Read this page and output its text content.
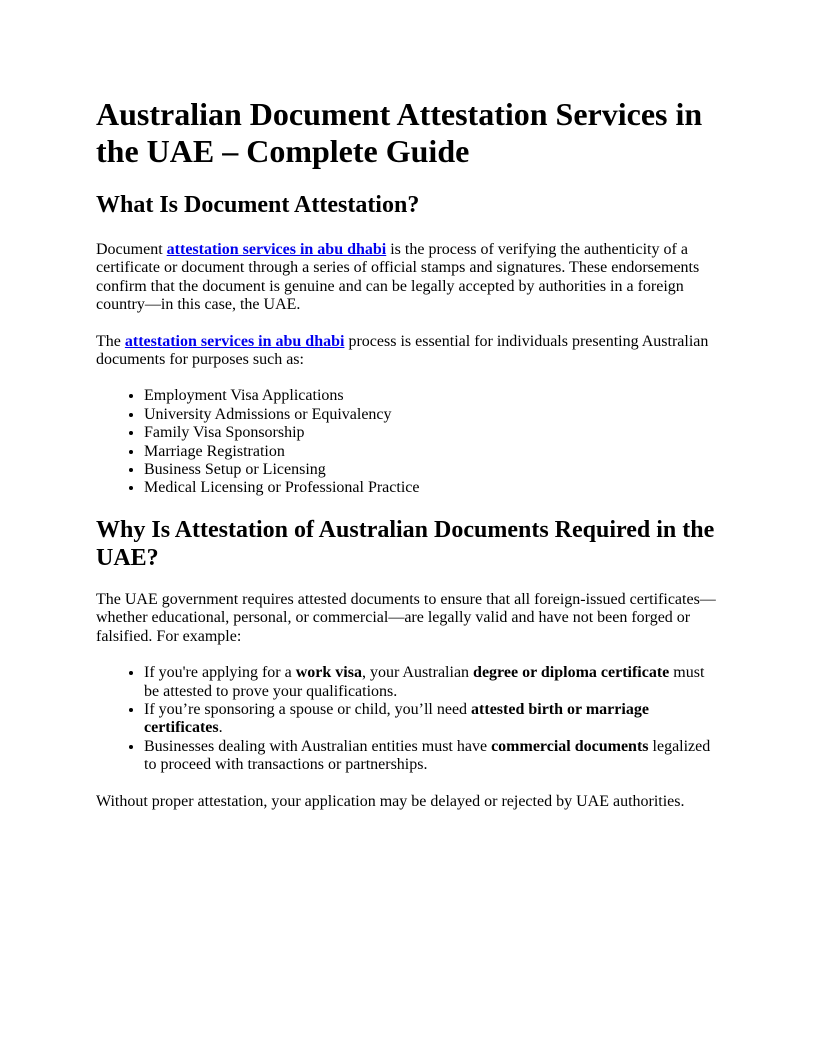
Australian Document Attestation Services in the UAE – Complete Guide
What Is Document Attestation?

Document attestation services in abu dhabi is the process of verifying the authenticity of a certificate or document through a series of official stamps and signatures. These endorsements confirm that the document is genuine and can be legally accepted by authorities in a foreign country—in this case, the UAE.

The attestation services in abu dhabi process is essential for individuals presenting Australian documents for purposes such as:

• Employment Visa Applications
• University Admissions or Equivalency
• Family Visa Sponsorship
• Marriage Registration
• Business Setup or Licensing
• Medical Licensing or Professional Practice
Why Is Attestation of Australian Documents Required in the UAE?

The UAE government requires attested documents to ensure that all foreign-issued certificates—whether educational, personal, or commercial—are legally valid and have not been forged or falsified. For example:

• If you're applying for a work visa, your Australian degree or diploma certificate must be attested to prove your qualifications.
• If you’re sponsoring a spouse or child, you’ll need attested birth or marriage certificates.
• Businesses dealing with Australian entities must have commercial documents legalized to proceed with transactions or partnerships.

Without proper attestation, your application may be delayed or rejected by UAE authorities.
